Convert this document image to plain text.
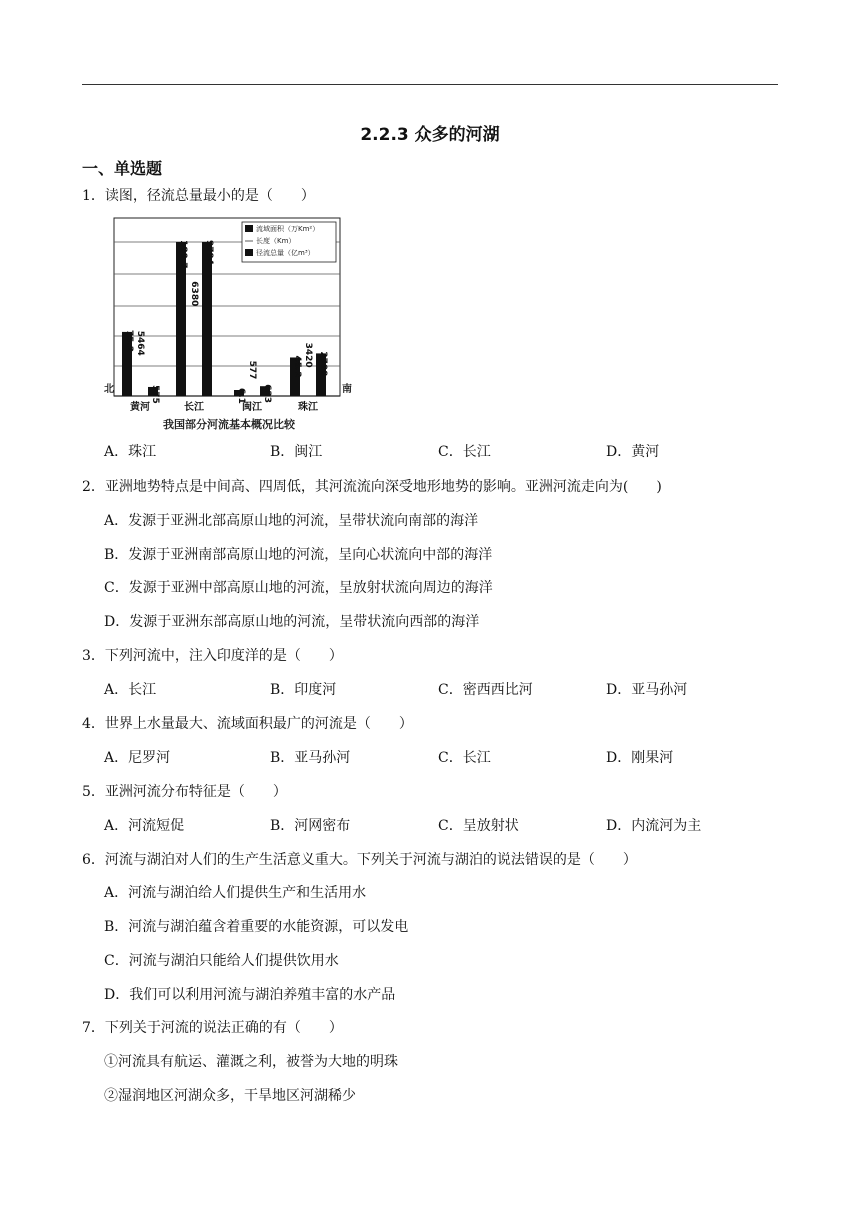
2.2.3 众多的河湖
一、单选题
1．读图，径流总量最小的是（　　）
流域面积（万Km²）
长度（Km）
径流总量（亿m³）
75.2 5464
575
180.7
6380
9794
6.1
577
623
45.2 3420 2709
黄河	长江	闽江	珠江
北	南
我国部分河流基本概况比较
A．珠江	B．闽江	C．长江	D．黄河
2．亚洲地势特点是中间高、四周低，其河流流向深受地形地势的影响。亚洲河流走向为(　　)
A．发源于亚洲北部高原山地的河流，呈带状流向南部的海洋
B．发源于亚洲南部高原山地的河流，呈向心状流向中部的海洋
C．发源于亚洲中部高原山地的河流，呈放射状流向周边的海洋
D．发源于亚洲东部高原山地的河流，呈带状流向西部的海洋
3．下列河流中，注入印度洋的是（　　）
A．长江	B．印度河	C．密西西比河	D．亚马孙河
4．世界上水量最大、流域面积最广的河流是（　　）
A．尼罗河	B．亚马孙河	C．长江	D．刚果河
5．亚洲河流分布特征是（　　）
A．河流短促	B．河网密布	C．呈放射状	D．内流河为主
6．河流与湖泊对人们的生产生活意义重大。下列关于河流与湖泊的说法错误的是（　　）
A．河流与湖泊给人们提供生产和生活用水
B．河流与湖泊蕴含着重要的水能资源，可以发电
C．河流与湖泊只能给人们提供饮用水
D．我们可以利用河流与湖泊养殖丰富的水产品
7．下列关于河流的说法正确的有（　　）
①河流具有航运、灌溉之利，被誉为大地的明珠
②湿润地区河湖众多，干旱地区河湖稀少
